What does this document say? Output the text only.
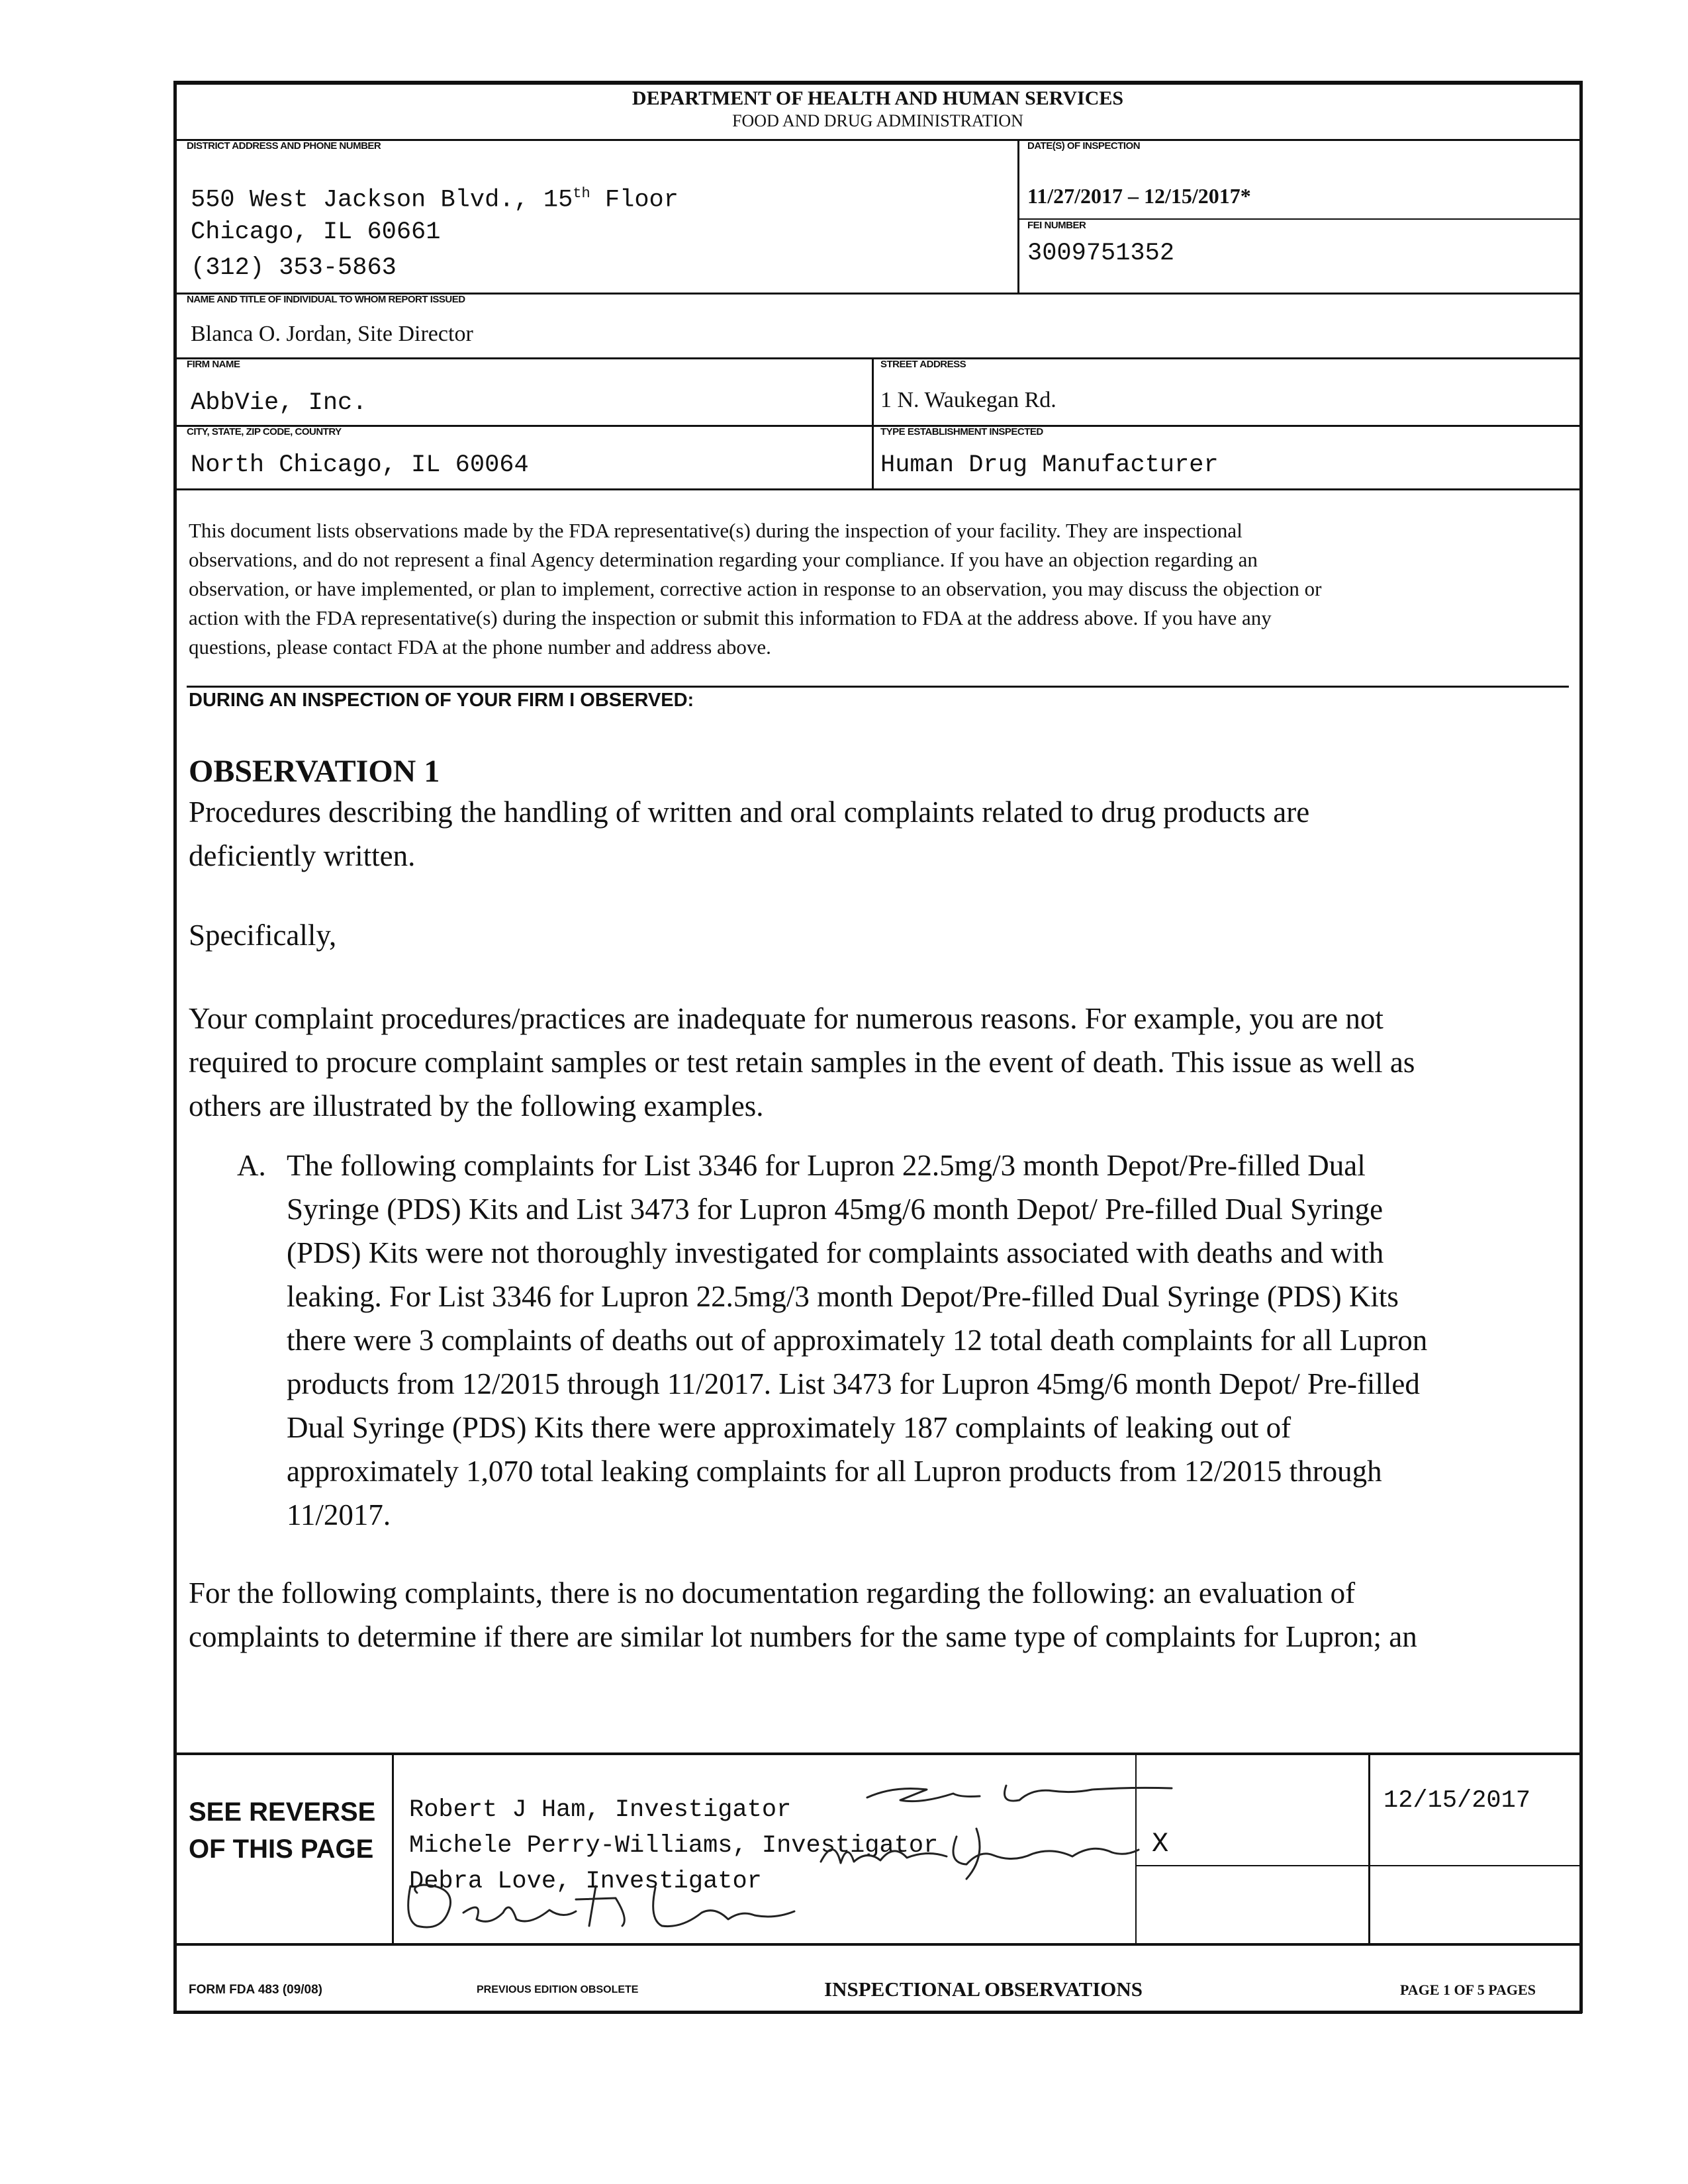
DEPARTMENT OF HEALTH AND HUMAN SERVICES
FOOD AND DRUG ADMINISTRATION
DISTRICT ADDRESS AND PHONE NUMBER
550 West Jackson Blvd., 15th Floor
Chicago, IL 60661
(312) 353-5863
DATE(S) OF INSPECTION
11/27/2017 – 12/15/2017*
FEI NUMBER
3009751352
NAME AND TITLE OF INDIVIDUAL TO WHOM REPORT ISSUED
Blanca O. Jordan, Site Director
FIRM NAME
AbbVie, Inc.
STREET ADDRESS
1 N. Waukegan Rd.
CITY, STATE, ZIP CODE, COUNTRY
North Chicago, IL 60064
TYPE ESTABLISHMENT INSPECTED
Human Drug Manufacturer
This document lists observations made by the FDA representative(s) during the inspection of your facility. They are inspectional
observations, and do not represent a final Agency determination regarding your compliance. If you have an objection regarding an
observation, or have implemented, or plan to implement, corrective action in response to an observation, you may discuss the objection or
action with the FDA representative(s) during the inspection or submit this information to FDA at the address above. If you have any
questions, please contact FDA at the phone number and address above.
DURING AN INSPECTION OF YOUR FIRM I OBSERVED:
OBSERVATION 1
Procedures describing the handling of written and oral complaints related to drug products are
deficiently written.
Specifically,
Your complaint procedures/practices are inadequate for numerous reasons. For example, you are not
required to procure complaint samples or test retain samples in the event of death. This issue as well as
others are illustrated by the following examples.
A. The following complaints for List 3346 for Lupron 22.5mg/3 month Depot/Pre-filled Dual
Syringe (PDS) Kits and List 3473 for Lupron 45mg/6 month Depot/ Pre-filled Dual Syringe
(PDS) Kits were not thoroughly investigated for complaints associated with deaths and with
leaking. For List 3346 for Lupron 22.5mg/3 month Depot/Pre-filled Dual Syringe (PDS) Kits
there were 3 complaints of deaths out of approximately 12 total death complaints for all Lupron
products from 12/2015 through 11/2017. List 3473 for Lupron 45mg/6 month Depot/ Pre-filled
Dual Syringe (PDS) Kits there were approximately 187 complaints of leaking out of
approximately 1,070 total leaking complaints for all Lupron products from 12/2015 through
11/2017.
For the following complaints, there is no documentation regarding the following: an evaluation of
complaints to determine if there are similar lot numbers for the same type of complaints for Lupron; an
SEE REVERSE
OF THIS PAGE
Robert J Ham, Investigator
Michele Perry-Williams, Investigator
Debra Love, Investigator
X
12/15/2017
FORM FDA 483 (09/08)	PREVIOUS EDITION OBSOLETE	INSPECTIONAL OBSERVATIONS	PAGE 1 OF 5 PAGES
